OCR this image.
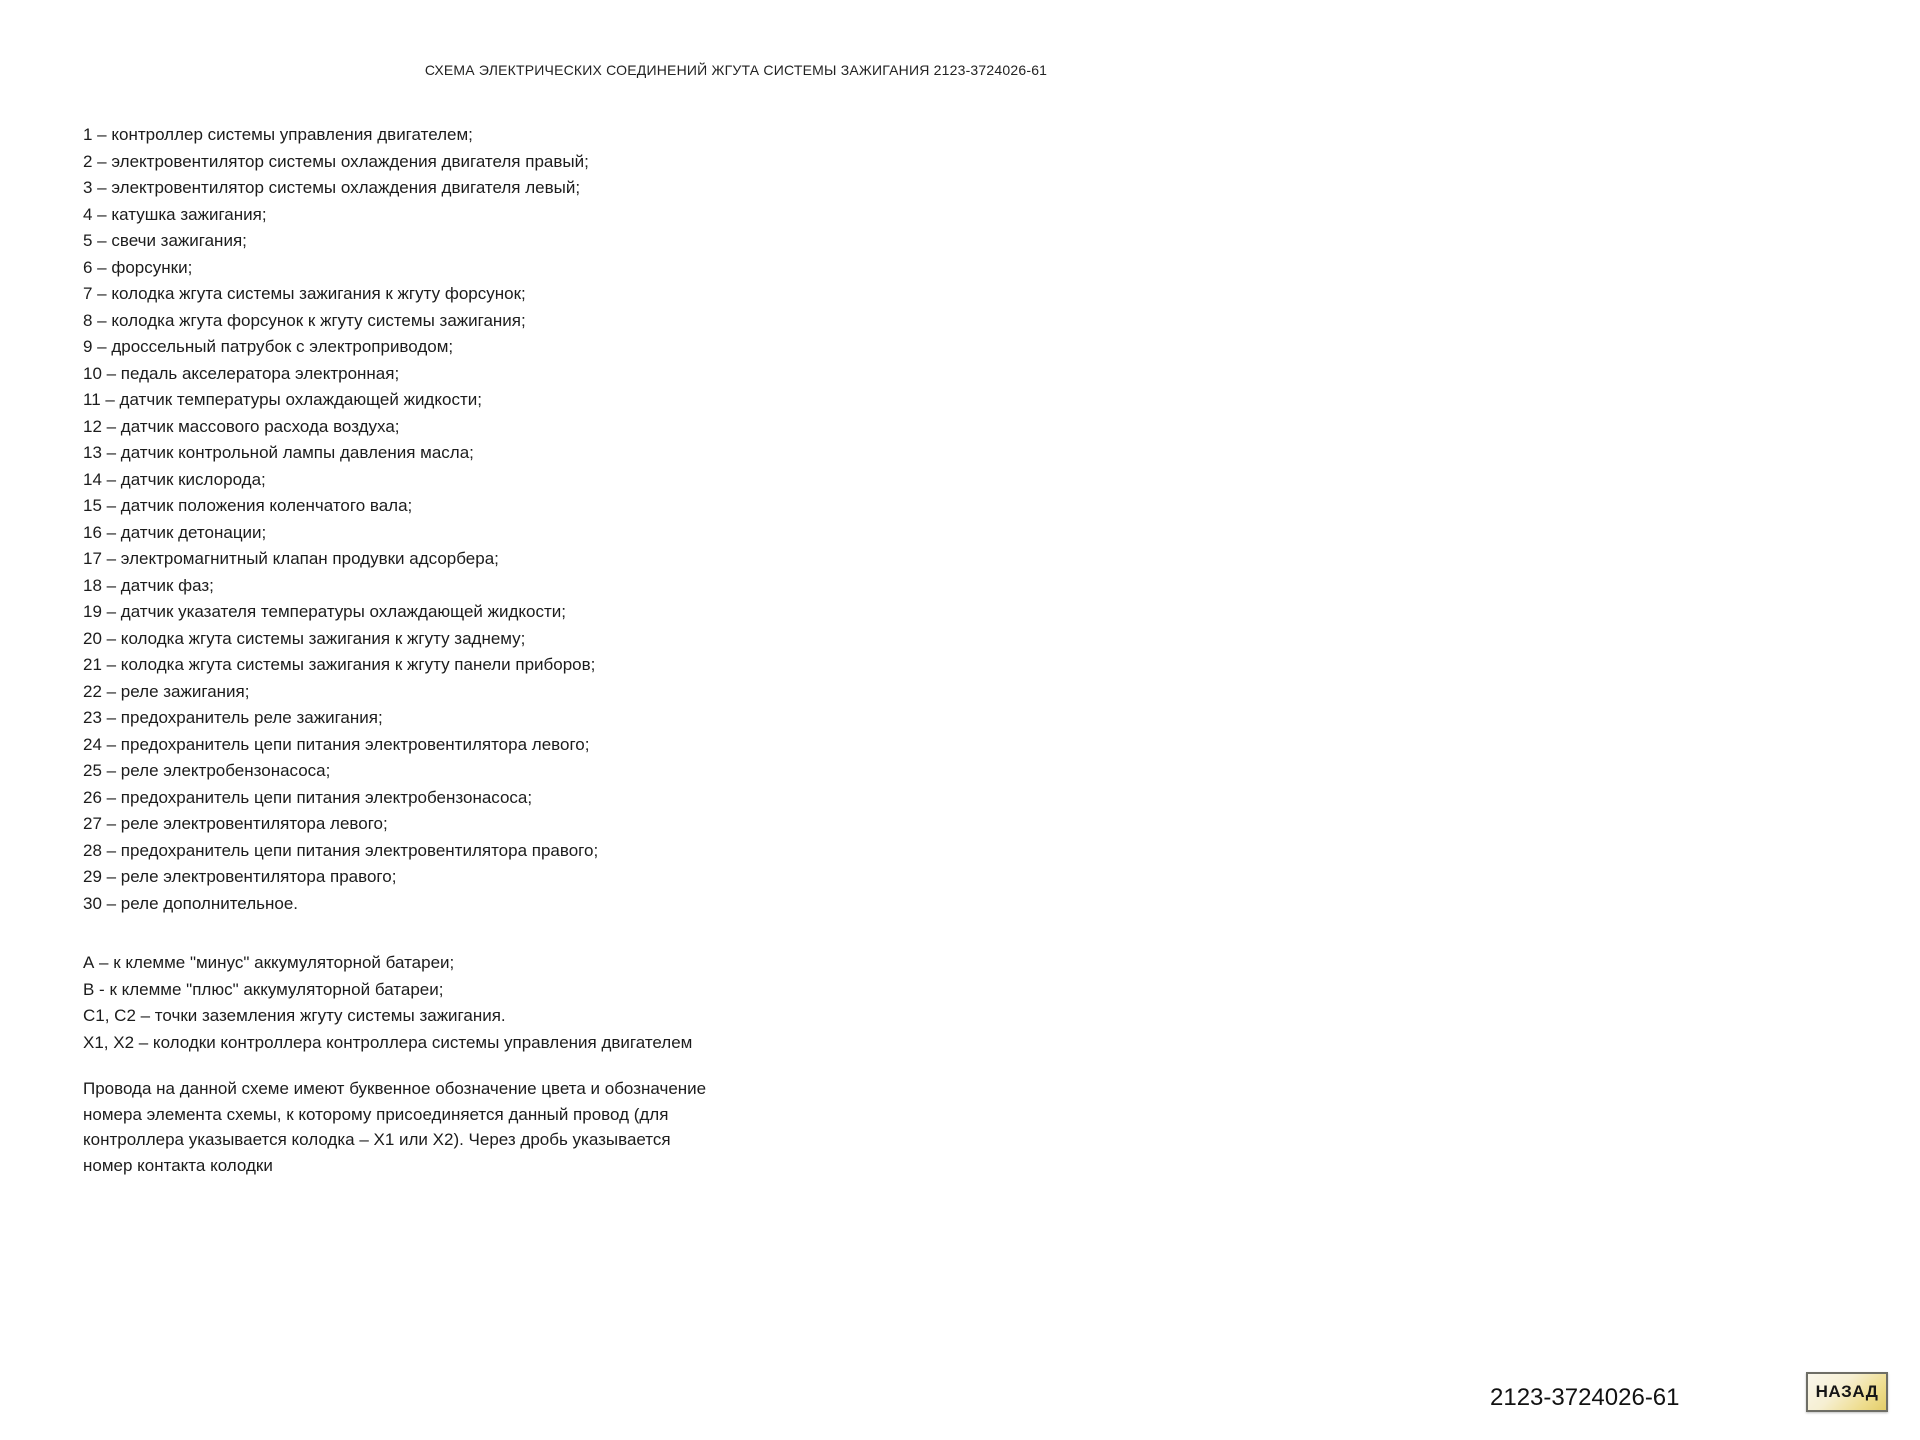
СХЕМА ЭЛЕКТРИЧЕСКИХ СОЕДИНЕНИЙ ЖГУТА СИСТЕМЫ ЗАЖИГАНИЯ 2123-3724026-61
1 – контроллер системы управления двигателем;
2 – электровентилятор системы охлаждения двигателя правый;
3 – электровентилятор системы охлаждения двигателя левый;
4 – катушка зажигания;
5 – свечи зажигания;
6 – форсунки;
7 – колодка жгута системы зажигания к жгуту форсунок;
8 – колодка жгута форсунок к жгуту системы зажигания;
9 – дроссельный патрубок с электроприводом;
10 – педаль акселератора электронная;
11 – датчик температуры охлаждающей жидкости;
12 – датчик массового расхода воздуха;
13 – датчик контрольной лампы давления масла;
14 – датчик кислорода;
15 – датчик положения коленчатого вала;
16 – датчик детонации;
17 – электромагнитный клапан продувки адсорбера;
18 – датчик фаз;
19 – датчик указателя температуры охлаждающей жидкости;
20 – колодка жгута системы зажигания к жгуту заднему;
21 – колодка жгута системы зажигания к жгуту панели приборов;
22 – реле зажигания;
23 – предохранитель реле зажигания;
24 – предохранитель цепи питания электровентилятора левого;
25 – реле электробензонасоса;
26 – предохранитель цепи питания электробензонасоса;
27 – реле электровентилятора левого;
28 – предохранитель цепи питания электровентилятора правого;
29 – реле электровентилятора правого;
30 – реле дополнительное.
А – к клемме "минус" аккумуляторной батареи;
В - к клемме "плюс" аккумуляторной батареи;
С1, С2 – точки заземления жгуту системы зажигания.
Х1, Х2 – колодки контроллера контроллера системы управления двигателем
Провода на данной схеме имеют буквенное обозначение цвета и обозначение
номера элемента схемы, к которому присоединяется данный провод (для
контроллера указывается колодка – Х1 или Х2). Через дробь указывается
номер контакта колодки
2123-3724026-61	НАЗАД
